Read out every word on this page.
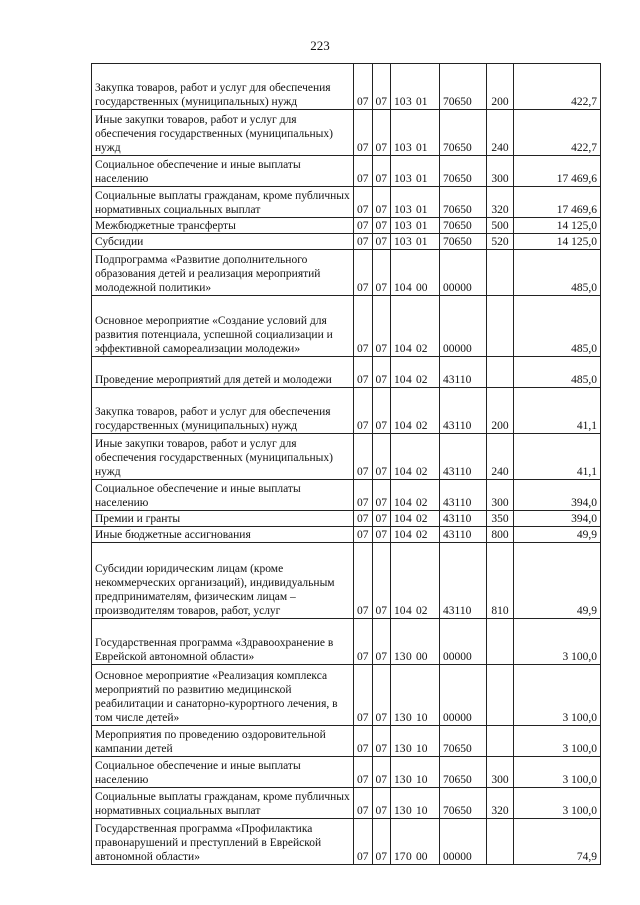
223
Закупка товаров, работ и услуг для обеспечения государственных (муниципальных) нужд	07	07	103 01	70650	200	422,7
Иные закупки товаров, работ и услуг для обеспечения государственных (муниципальных) нужд	07	07	103 01	70650	240	422,7
Социальное обеспечение и иные выплаты населению	07	07	103 01	70650	300	17 469,6
Социальные выплаты гражданам, кроме публичных нормативных социальных выплат	07	07	103 01	70650	320	17 469,6
Межбюджетные трансферты	07	07	103 01	70650	500	14 125,0
Субсидии	07	07	103 01	70650	520	14 125,0
Подпрограмма «Развитие дополнительного образования детей и реализация мероприятий молодежной политики»	07	07	104 00	00000		485,0
Основное мероприятие «Создание условий для развития потенциала, успешной социализации и эффективной самореализации молодежи»	07	07	104 02	00000		485,0
Проведение мероприятий для детей и молодежи	07	07	104 02	43110		485,0
Закупка товаров, работ и услуг для обеспечения государственных (муниципальных) нужд	07	07	104 02	43110	200	41,1
Иные закупки товаров, работ и услуг для обеспечения государственных (муниципальных) нужд	07	07	104 02	43110	240	41,1
Социальное обеспечение и иные выплаты населению	07	07	104 02	43110	300	394,0
Премии и гранты	07	07	104 02	43110	350	394,0
Иные бюджетные ассигнования	07	07	104 02	43110	800	49,9
Субсидии юридическим лицам (кроме некоммерческих организаций), индивидуальным предпринимателям, физическим лицам – производителям товаров, работ, услуг	07	07	104 02	43110	810	49,9
Государственная программа «Здравоохранение в Еврейской автономной области»	07	07	130 00	00000		3 100,0
Основное мероприятие «Реализация комплекса мероприятий по развитию медицинской реабилитации и санаторно-курортного лечения, в том числе детей»	07	07	130 10	00000		3 100,0
Мероприятия по проведению оздоровительной кампании детей	07	07	130 10	70650		3 100,0
Социальное обеспечение и иные выплаты населению	07	07	130 10	70650	300	3 100,0
Социальные выплаты гражданам, кроме публичных нормативных социальных выплат	07	07	130 10	70650	320	3 100,0
Государственная программа «Профилактика правонарушений и преступлений в Еврейской автономной области»	07	07	170 00	00000		74,9
